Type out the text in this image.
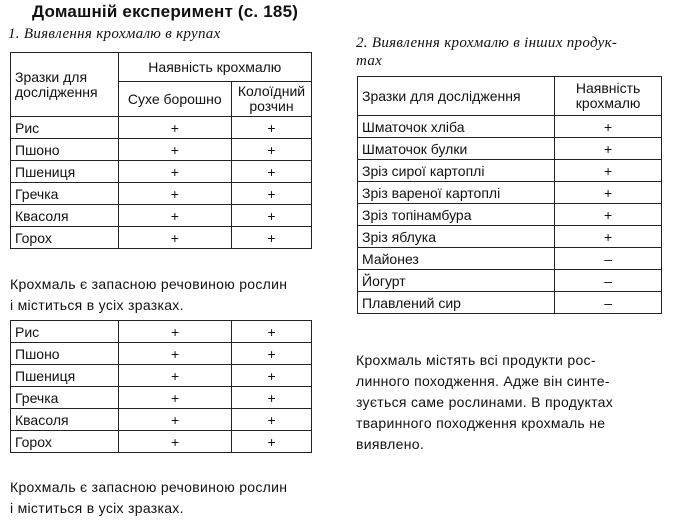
Домашній експеримент (с. 185)
1. Виявлення крохмалю в крупах
Зразки для дослідження	Наявність крохмалю	
	Сухе борошно	Колоїдний розчин
Рис	+	+
Пшоно	+	+
Пшениця	+	+
Гречка	+	+
Квасоля	+	+
Горох	+	+
Крохмаль є запасною речовиною рослин
і міститься в усіх зразках.
Рис	+	+
Пшоно	+	+
Пшениця	+	+
Гречка	+	+
Квасоля	+	+
Горох	+	+
Крохмаль є запасною речовиною рослин
і міститься в усіх зразках.
2. Виявлення крохмалю в інших продук-
тах
Зразки для дослідження	Наявність крохмалю
Шматочок хліба	+
Шматочок булки	+
Зріз сирої картоплі	+
Зріз вареної картоплі	+
Зріз топінамбура	+
Зріз яблука	+
Майонез	–
Йогурт	–
Плавлений сир	–
Крохмаль містять всі продукти рос-
линного походження. Адже він синте-
зується саме рослинами. В продуктах
тваринного походження крохмаль не
виявлено.
